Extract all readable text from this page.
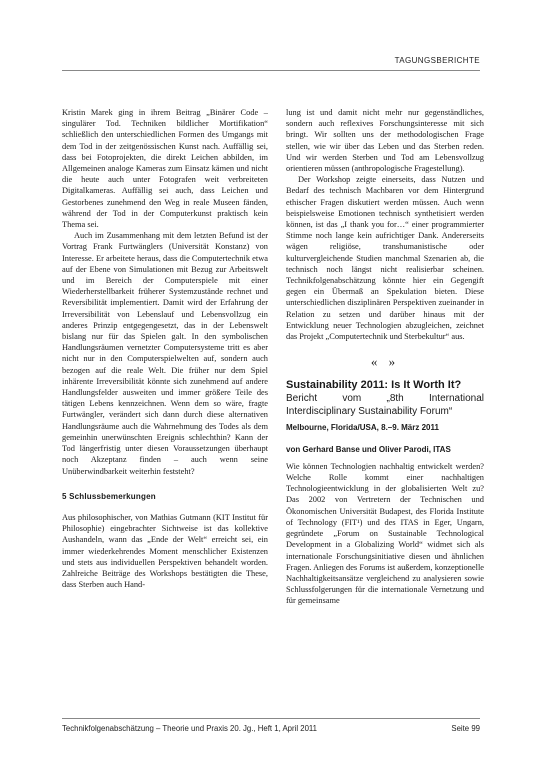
TAGUNGSBERICHTE

Kristin Marek ging in ihrem Beitrag „Binärer Code – singulärer Tod. Techniken bildlicher Mortifikation“ schließlich den unterschiedlichen Formen des Umgangs mit dem Tod in der zeitgenössischen Kunst nach. Auffällig sei, dass bei Fotoprojekten, die direkt Leichen abbilden, im Allgemeinen analoge Kameras zum Einsatz kämen und nicht die heute auch unter Fotografen weit verbreiteten Digitalkameras. Auffällig sei auch, dass Leichen und Gestorbenes zunehmend den Weg in reale Museen fänden, während der Tod in der Computerkunst praktisch kein Thema sei.

Auch im Zusammenhang mit dem letzten Befund ist der Vortrag Frank Furtwänglers (Universität Konstanz) von Interesse. Er arbeitete heraus, dass die Computertechnik etwa auf der Ebene von Simulationen mit Bezug zur Arbeitswelt und im Bereich der Computerspiele mit einer Wiederherstellbarkeit früherer Systemzustände rechnet und Reversibilität implementiert. Damit wird der Erfahrung der Irreversibilität von Lebenslauf und Lebensvollzug ein anderes Prinzip entgegengesetzt, das in der Lebenswelt bislang nur für das Spielen galt. In den symbolischen Handlungsräumen vernetzter Computersysteme tritt es aber nicht nur in den Computerspielwelten auf, sondern auch bezogen auf die reale Welt. Die früher nur dem Spiel inhärente Irreversibilität könnte sich zunehmend auf andere Handlungsfelder ausweiten und immer größere Teile des tätigen Lebens kennzeichnen. Wenn dem so wäre, fragte Furtwängler, verändert sich dann durch diese alternativen Handlungsräume auch die Wahrnehmung des Todes als dem gemeinhin unerwünschten Ereignis schlechthin? Kann der Tod längerfristig unter diesen Voraussetzungen überhaupt noch Akzeptanz finden – auch wenn seine Unüberwindbarkeit weiterhin feststeht?

5 Schlussbemerkungen

Aus philosophischer, von Mathias Gutmann (KIT Institut für Philosophie) eingebrachter Sichtweise ist das kollektive Aushandeln, wann das „Ende der Welt“ erreicht sei, ein immer wiederkehrendes Moment menschlicher Existenzen und stets aus individuellen Perspektiven behandelt worden. Zahlreiche Beiträge des Workshops bestätigten die These, dass Sterben auch Hand-

lung ist und damit nicht mehr nur gegenständliches, sondern auch reflexives Forschungsinteresse mit sich bringt. Wir sollten uns der methodologischen Frage stellen, wie wir über das Leben und das Sterben reden. Und wir werden Sterben und Tod am Lebensvollzug orientieren müssen (anthropologische Fragestellung).

Der Workshop zeigte einerseits, dass Nutzen und Bedarf des technisch Machbaren vor dem Hintergrund ethischer Fragen diskutiert werden müssen. Auch wenn beispielsweise Emotionen technisch synthetisiert werden können, ist das „I thank you for…“ einer programmierter Stimme noch lange kein aufrichtiger Dank. Andererseits wägen religiöse, transhumanistische oder kulturvergleichende Studien manchmal Szenarien ab, die technisch noch längst nicht realisierbar scheinen. Technikfolgenabschätzung könnte hier ein Gegengift gegen ein Übermaß an Spekulation bieten. Diese unterschiedlichen disziplinären Perspektiven zueinander in Relation zu setzen und darüber hinaus mit der Entwicklung neuer Technologien abzugleichen, zeichnet das Projekt „Computertechnik und Sterbekultur“ aus.

« »
Sustainability 2011: Is It Worth It?
Bericht vom „8th International Interdisciplinary Sustainability Forum“
Melbourne, Florida/USA, 8.–9. März 2011
von Gerhard Banse und Oliver Parodi, ITAS

Wie können Technologien nachhaltig entwickelt werden? Welche Rolle kommt einer nachhaltigen Technologieentwicklung in der globalisierten Welt zu? Das 2002 von Vertretern der Technischen und Ökonomischen Universität Budapest, des Florida Institute of Technology (FIT¹) und des ITAS in Eger, Ungarn, gegründete „Forum on Sustainable Technological Development in a Globalizing World“ widmet sich als internationale Forschungsinitiative diesen und ähnlichen Fragen. Anliegen des Forums ist außerdem, konzeptionelle Nachhaltigkeitsansätze vergleichend zu analysieren sowie Schlussfolgerungen für die internationale Vernetzung und für gemeinsame

Technikfolgenabschätzung – Theorie und Praxis 20. Jg., Heft 1, April 2011	Seite 99
